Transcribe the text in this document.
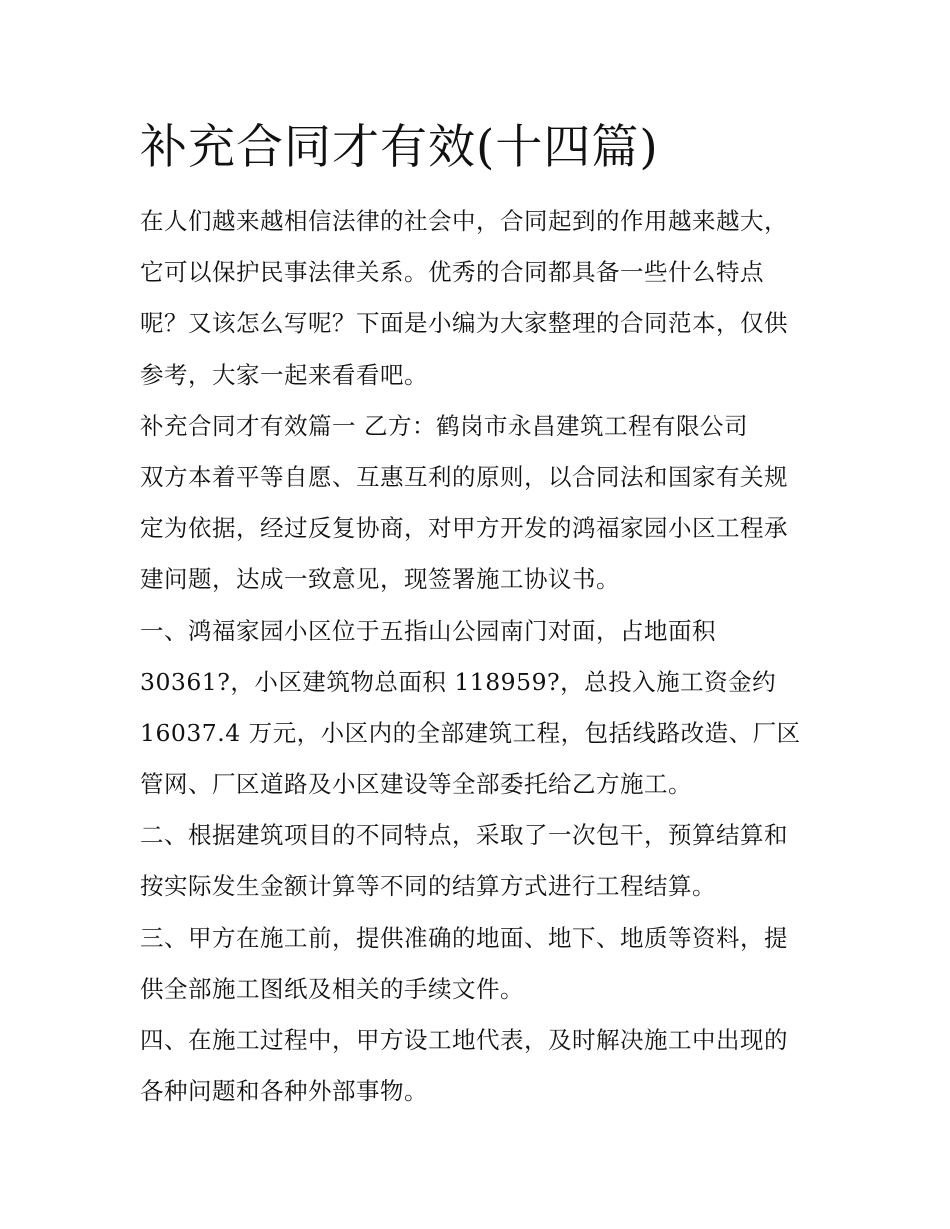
补充合同才有效(十四篇)
在人们越来越相信法律的社会中，合同起到的作用越来越大，
它可以保护民事法律关系。优秀的合同都具备一些什么特点
呢？又该怎么写呢？下面是小编为大家整理的合同范本，仅供
参考，大家一起来看看吧。
补充合同才有效篇一 乙方：鹤岗市永昌建筑工程有限公司
双方本着平等自愿、互惠互利的原则，以合同法和国家有关规
定为依据，经过反复协商，对甲方开发的鸿福家园小区工程承
建问题，达成一致意见，现签署施工协议书。
一、鸿福家园小区位于五指山公园南门对面，占地面积
30361?，小区建筑物总面积 118959?，总投入施工资金约
16037.4 万元，小区内的全部建筑工程，包括线路改造、厂区
管网、厂区道路及小区建设等全部委托给乙方施工。
二、根据建筑项目的不同特点，采取了一次包干，预算结算和
按实际发生金额计算等不同的结算方式进行工程结算。
三、甲方在施工前，提供准确的地面、地下、地质等资料，提
供全部施工图纸及相关的手续文件。
四、在施工过程中，甲方设工地代表，及时解决施工中出现的
各种问题和各种外部事物。
